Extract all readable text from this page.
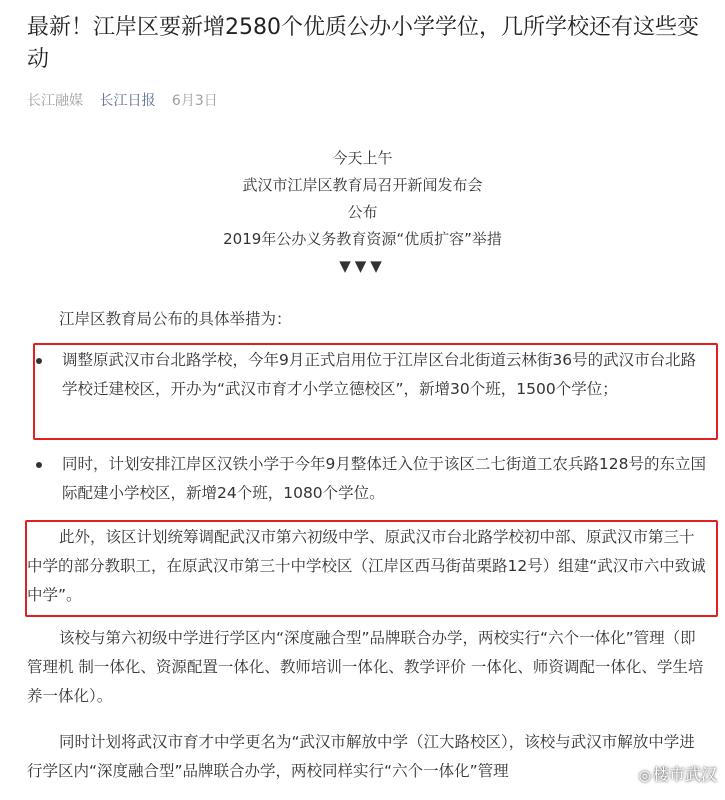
最新！江岸区要新增2580个优质公办小学学位，几所学校还有这些变动
长江融媒 长江日报 6月3日
今天上午
武汉市江岸区教育局召开新闻发布会
公布
2019年公办义务教育资源“优质扩容”举措
▼▼▼
江岸区教育局公布的具体举措为：
调整原武汉市台北路学校，今年9月正式启用位于江岸区台北街道云林街36号的武汉市台北路学校迁建校区，开办为“武汉市育才小学立德校区”，新增30个班，1500个学位；
同时，计划安排江岸区汉铁小学于今年9月整体迁入位于该区二七街道工农兵路128号的东立国际配建小学校区，新增24个班，1080个学位。
此外，该区计划统筹调配武汉市第六初级中学、原武汉市台北路学校初中部、原武汉市第三十中学的部分教职工，在原武汉市第三十中学校区（江岸区西马街苗栗路12号）组建“武汉市六中致诚中学”。
该校与第六初级中学进行学区内“深度融合型”品牌联合办学，两校实行“六个一体化”管理（即管理机 制一体化、资源配置一体化、教师培训一体化、教学评价 一体化、师资调配一体化、学生培养一体化）。
同时计划将武汉市育才中学更名为“武汉市解放中学（江大路校区），该校与武汉市解放中学进行学区内“深度融合型”品牌联合办学，两校同样实行“六个一体化”管理	◎ 楼市武汉
